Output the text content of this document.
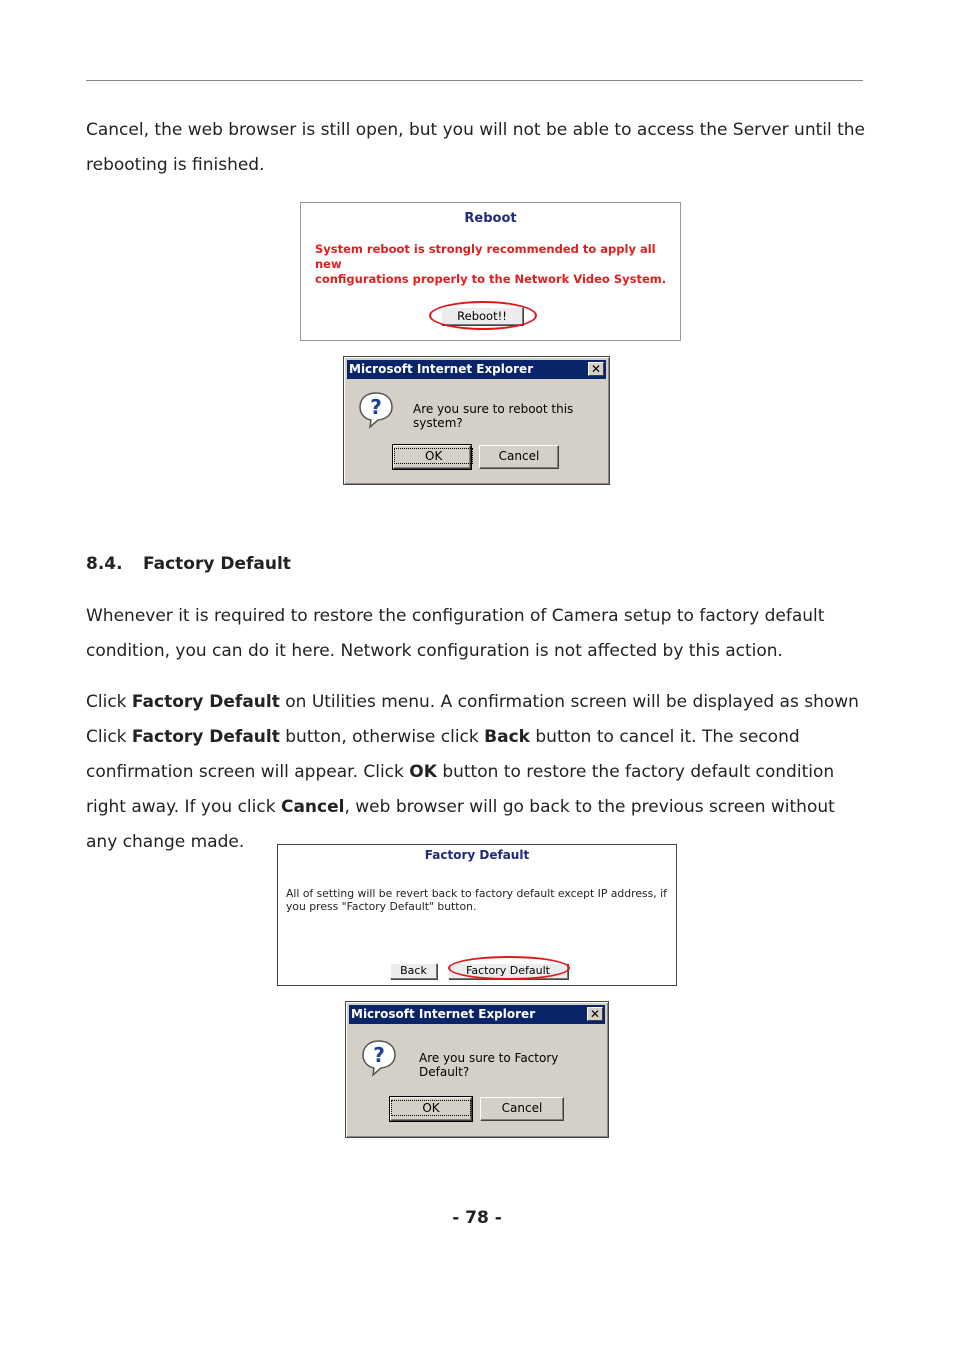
Cancel, the web browser is still open, but you will not be able to access the Server until the rebooting is finished.

Reboot
System reboot is strongly recommended to apply all new
configurations properly to the Network Video System.
Reboot!!
Microsoft Internet Explorer	✕
?	Are you sure to reboot this system?
OK	Cancel
8.4. Factory Default

Whenever it is required to restore the configuration of Camera setup to factory default condition, you can do it here. Network configuration is not affected by this action.

Click Factory Default on Utilities menu. A confirmation screen will be displayed as shown Click Factory Default button, otherwise click Back button to cancel it. The second confirmation screen will appear. Click OK button to restore the factory default condition right away. If you click Cancel, web browser will go back to the previous screen without any change made.

Factory Default
All of setting will be revert back to factory default except IP address, if
you press "Factory Default" button.
Back	Factory Default
Microsoft Internet Explorer	✕
?	Are you sure to Factory Default?
OK	Cancel
- 78 -
